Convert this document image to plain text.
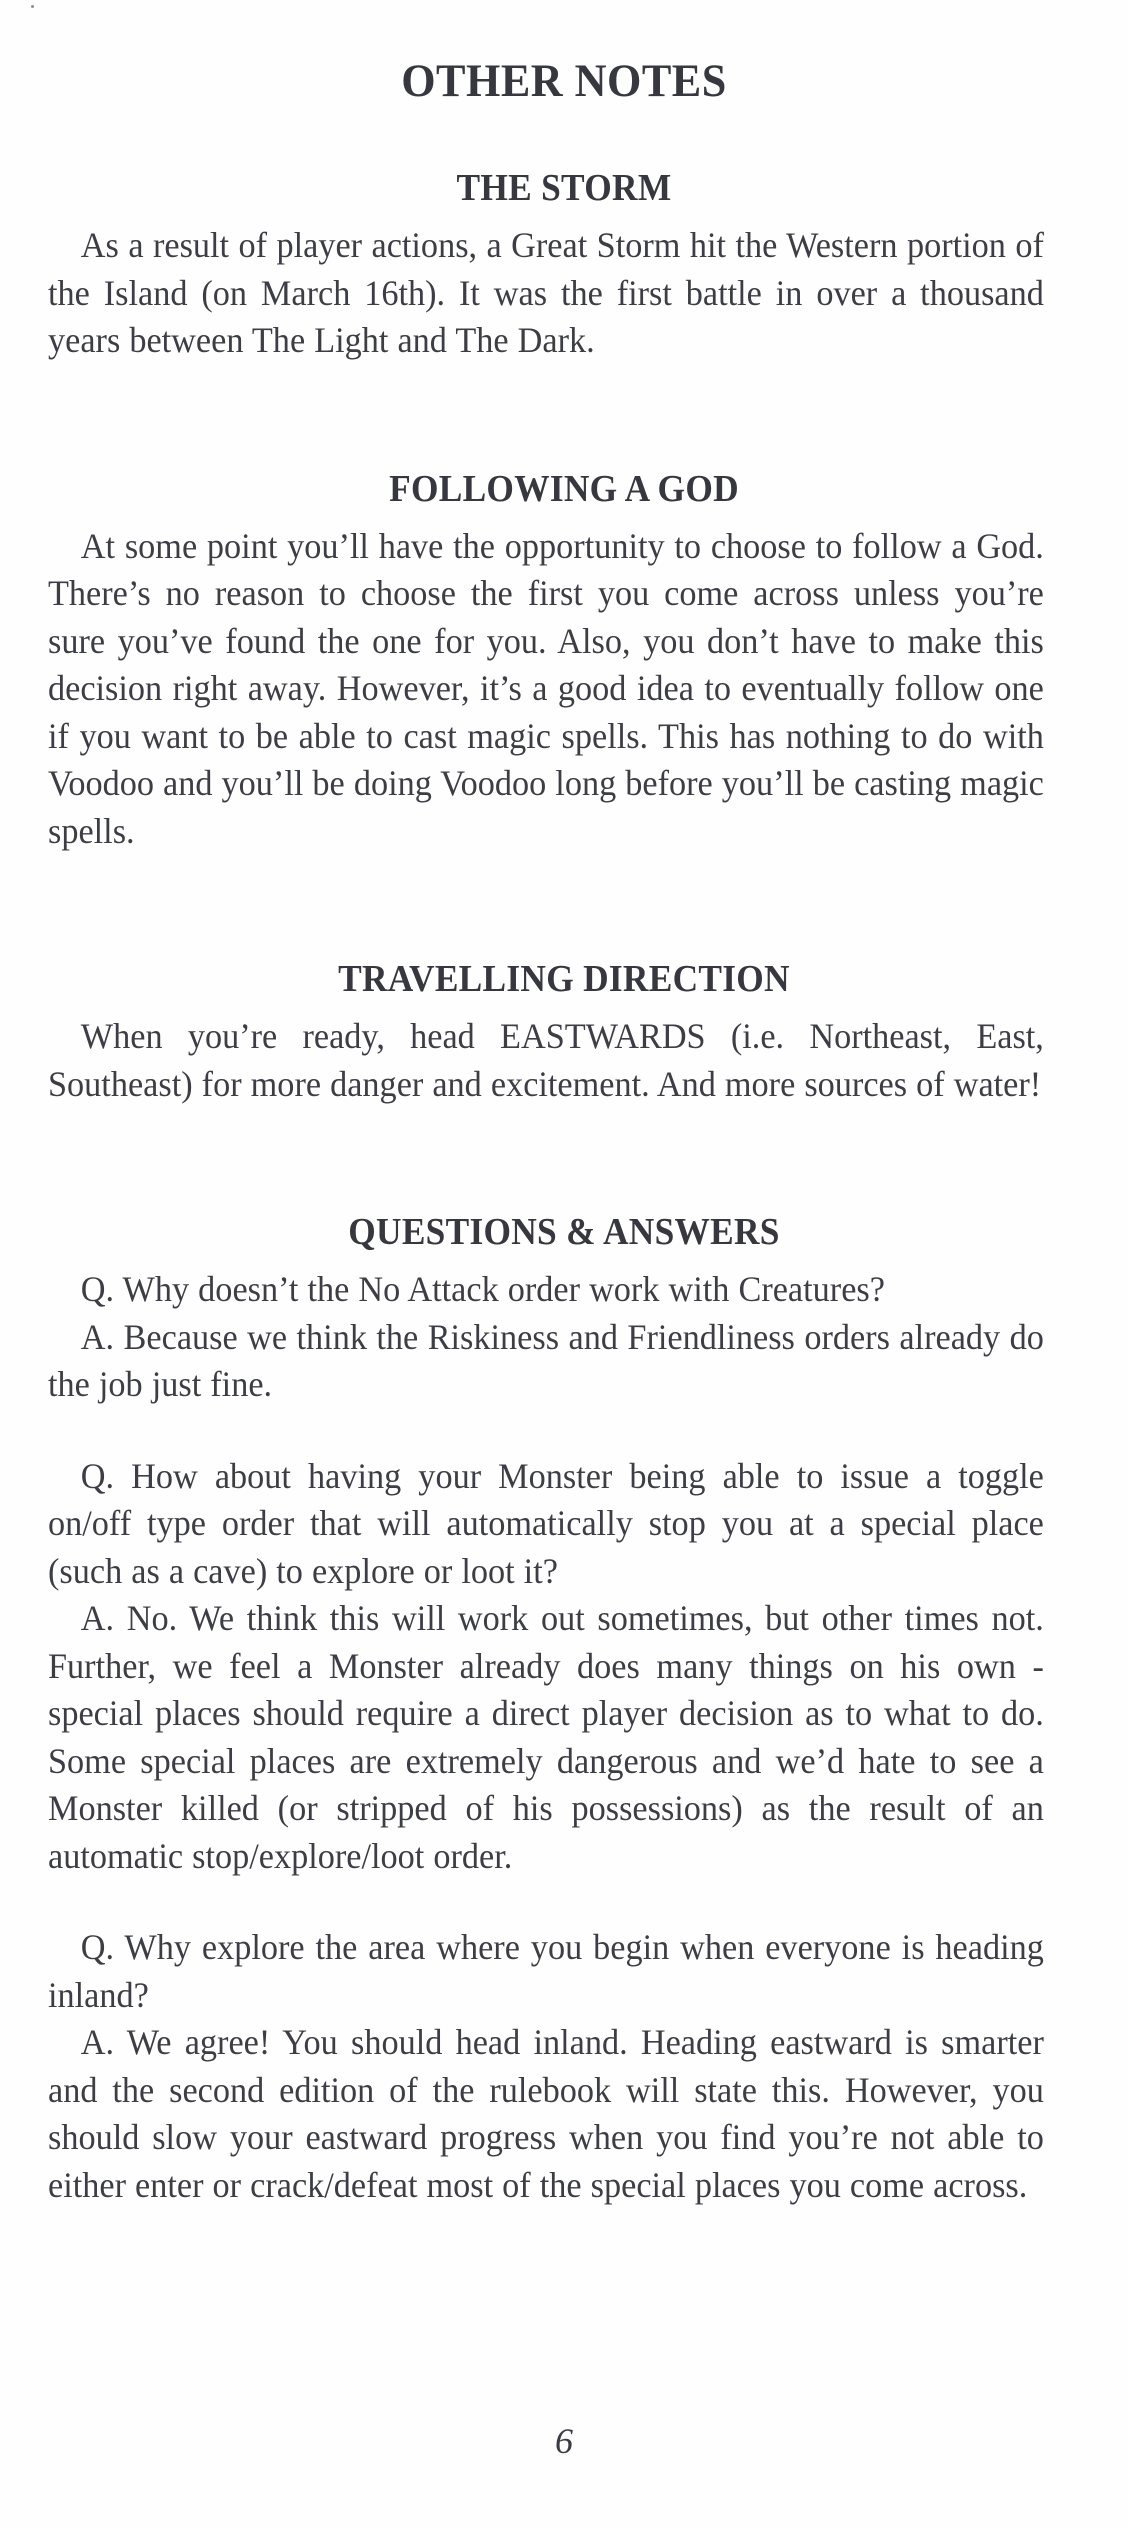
OTHER NOTES
THE STORM

As a result of player actions, a Great Storm hit the Western portion of the Island (on March 16th). It was the first battle in over a thousand years between The Light and The Dark.

FOLLOWING A GOD

At some point you’ll have the opportunity to choose to follow a God. There’s no reason to choose the first you come across unless you’re sure you’ve found the one for you. Also, you don’t have to make this decision right away. However, it’s a good idea to eventually follow one if you want to be able to cast magic spells. This has nothing to do with Voodoo and you’ll be doing Voodoo long before you’ll be casting magic spells.

TRAVELLING DIRECTION

When you’re ready, head EASTWARDS (i.e. Northeast, East, Southeast) for more danger and excitement. And more sources of water!

QUESTIONS & ANSWERS

Q. Why doesn’t the No Attack order work with Creatures?

A. Because we think the Riskiness and Friendliness orders already do the job just fine.

Q. How about having your Monster being able to issue a toggle on/off type order that will automatically stop you at a special place (such as a cave) to explore or loot it?

A. No. We think this will work out sometimes, but other times not. Further, we feel a Monster already does many things on his own - special places should require a direct player decision as to what to do. Some special places are extremely dangerous and we’d hate to see a Monster killed (or stripped of his possessions) as the result of an automatic stop/explore/loot order.

Q. Why explore the area where you begin when everyone is heading inland?

A. We agree! You should head inland. Heading eastward is smarter and the second edition of the rulebook will state this. However, you should slow your eastward progress when you find you’re not able to either enter or crack/defeat most of the special places you come across.

6
